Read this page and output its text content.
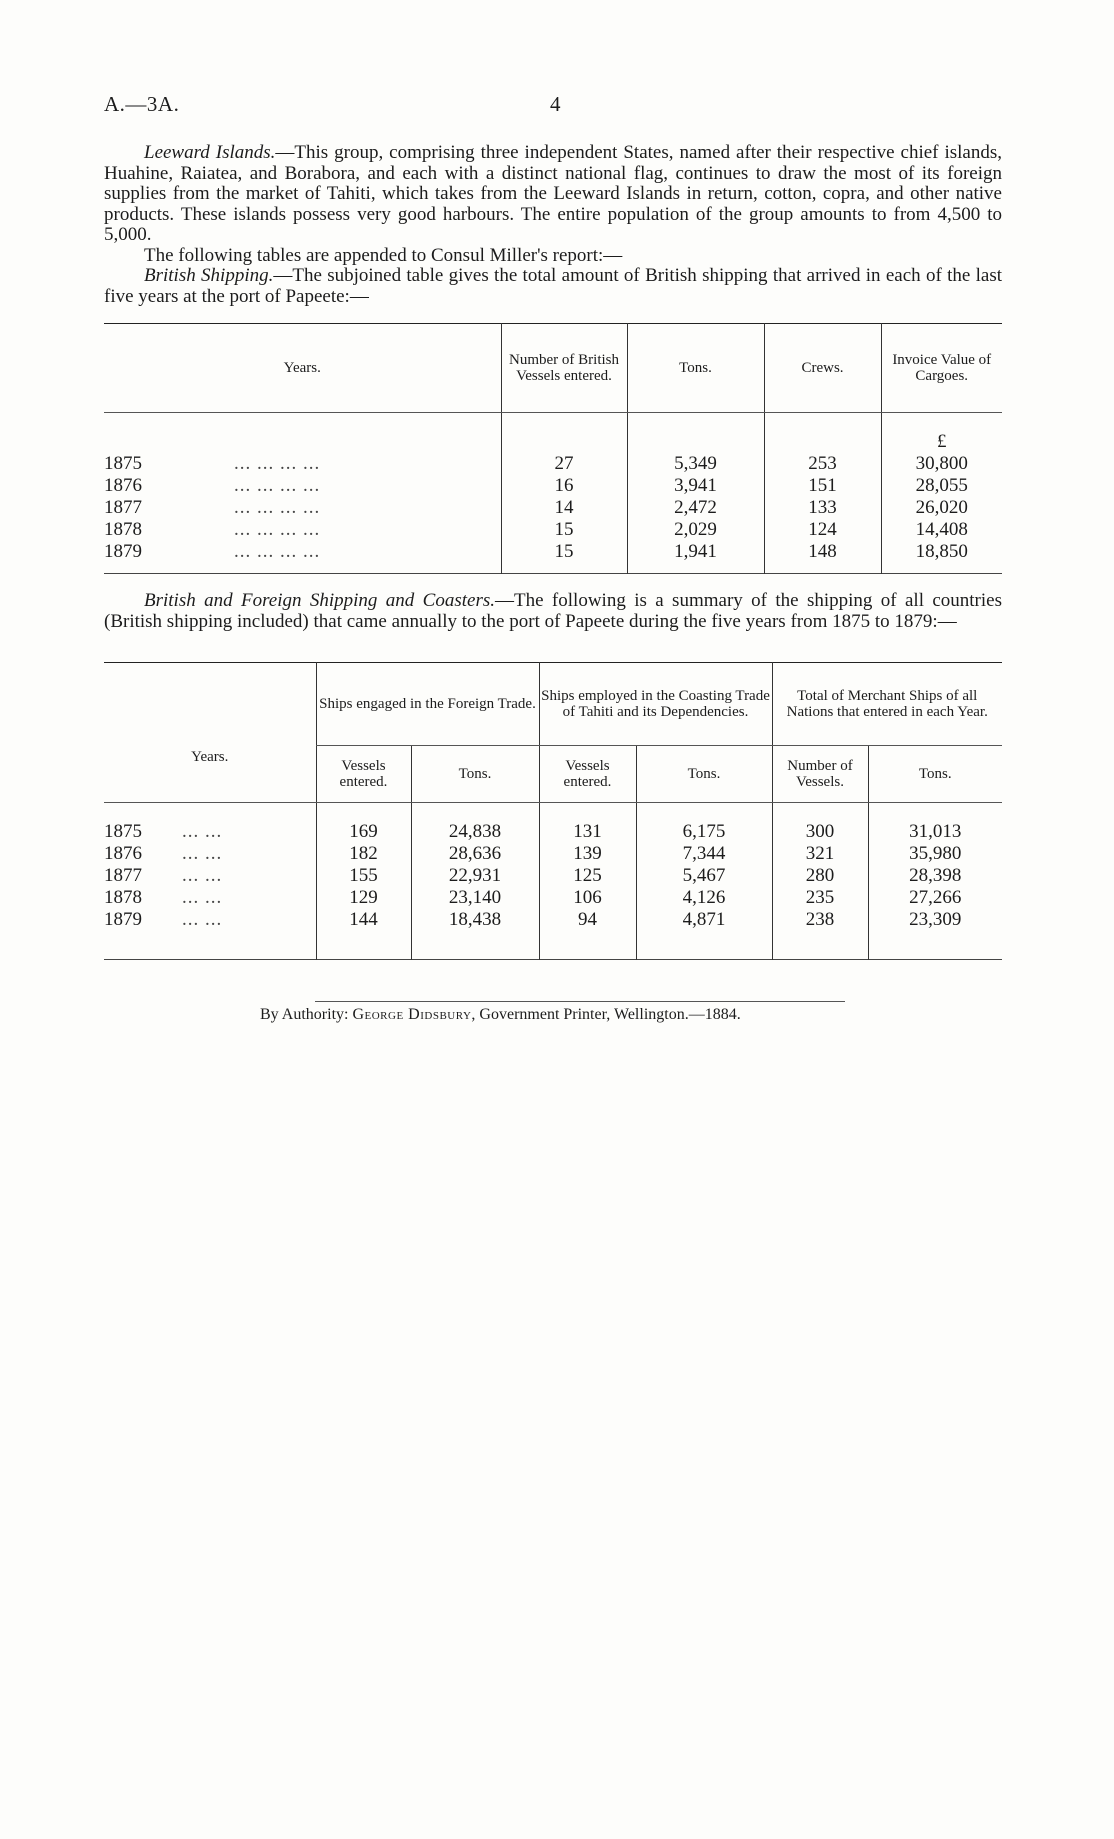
A.—3A.	4

Leeward Islands.—This group, comprising three independent States, named after their respective chief islands, Huahine, Raiatea, and Borabora, and each with a distinct national flag, continues to draw the most of its foreign supplies from the market of Tahiti, which takes from the Leeward Islands in return, cotton, copra, and other native products. These islands possess very good harbours. The entire population of the group amounts to from 4,500 to 5,000.

The following tables are appended to Consul Miller's report:—

British Shipping.—The subjoined table gives the total amount of British shipping that arrived in each of the last five years at the port of Papeete:—

Years.	Number of British Vessels entered.	Tons.	Crews.	Invoice Value of Cargoes.
				£
1875 ... ... ... ...	27	5,349	253	30,800
1876 ... ... ... ...	16	3,941	151	28,055
1877 ... ... ... ...	14	2,472	133	26,020
1878 ... ... ... ...	15	2,029	124	14,408
1879 ... ... ... ...	15	1,941	148	18,850

British and Foreign Shipping and Coasters.—The following is a summary of the shipping of all countries (British shipping included) that came annually to the port of Papeete during the five years from 1875 to 1879:—

Years.	Ships engaged in the Foreign Trade.		Ships employed in the Coasting Trade of Tahiti and its Dependencies.		Total of Merchant Ships of all Nations that entered in each Year.	
	Vessels entered.	Tons.	Vessels entered.	Tons.	Number of Vessels.	Tons.
1875 ... ...	169	24,838	131	6,175	300	31,013
1876 ... ...	182	28,636	139	7,344	321	35,980
1877 ... ...	155	22,931	125	5,467	280	28,398
1878 ... ...	129	23,140	106	4,126	235	27,266
1879 ... ...	144	18,438	94	4,871	238	23,309
By Authority: George Didsbury, Government Printer, Wellington.—1884.
